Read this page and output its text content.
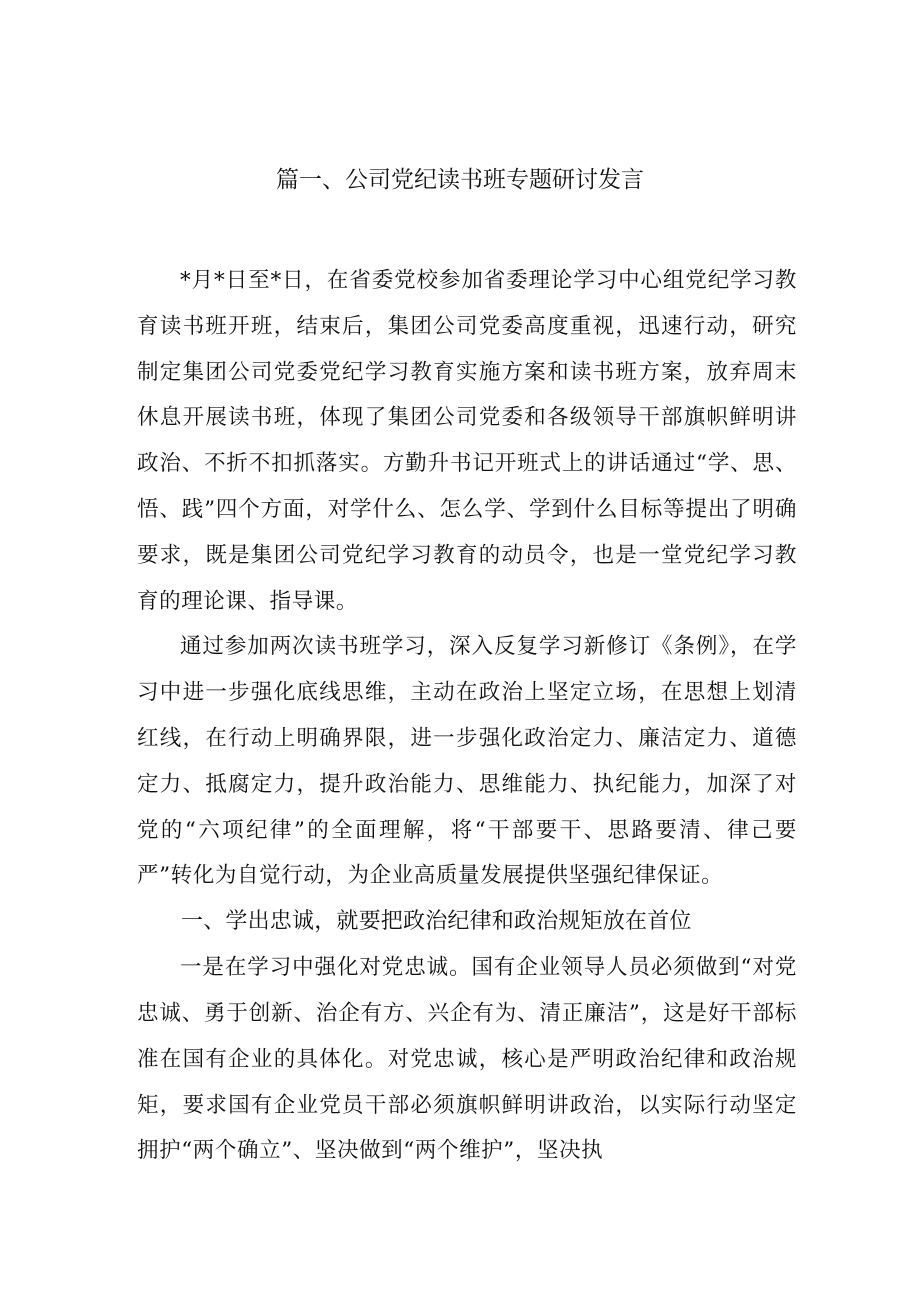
篇一、公司党纪读书班专题研讨发言

*月*日至*日，在省委党校参加省委理论学习中心组党纪学习教育读书班开班，结束后，集团公司党委高度重视，迅速行动，研究制定集团公司党委党纪学习教育实施方案和读书班方案，放弃周末休息开展读书班，体现了集团公司党委和各级领导干部旗帜鲜明讲政治、不折不扣抓落实。方勤升书记开班式上的讲话通过“学、思、悟、践”四个方面，对学什么、怎么学、学到什么目标等提出了明确要求，既是集团公司党纪学习教育的动员令，也是一堂党纪学习教育的理论课、指导课。

通过参加两次读书班学习，深入反复学习新修订《条例》，在学习中进一步强化底线思维，主动在政治上坚定立场，在思想上划清红线，在行动上明确界限，进一步强化政治定力、廉洁定力、道德定力、抵腐定力，提升政治能力、思维能力、执纪能力，加深了对党的“六项纪律”的全面理解，将“干部要干、思路要清、律己要严”转化为自觉行动，为企业高质量发展提供坚强纪律保证。

一、学出忠诚，就要把政治纪律和政治规矩放在首位

一是在学习中强化对党忠诚。国有企业领导人员必须做到“对党忠诚、勇于创新、治企有方、兴企有为、清正廉洁”，这是好干部标准在国有企业的具体化。对党忠诚，核心是严明政治纪律和政治规矩，要求国有企业党员干部必须旗帜鲜明讲政治，以实际行动坚定拥护“两个确立”、坚决做到“两个维护”，坚决执
